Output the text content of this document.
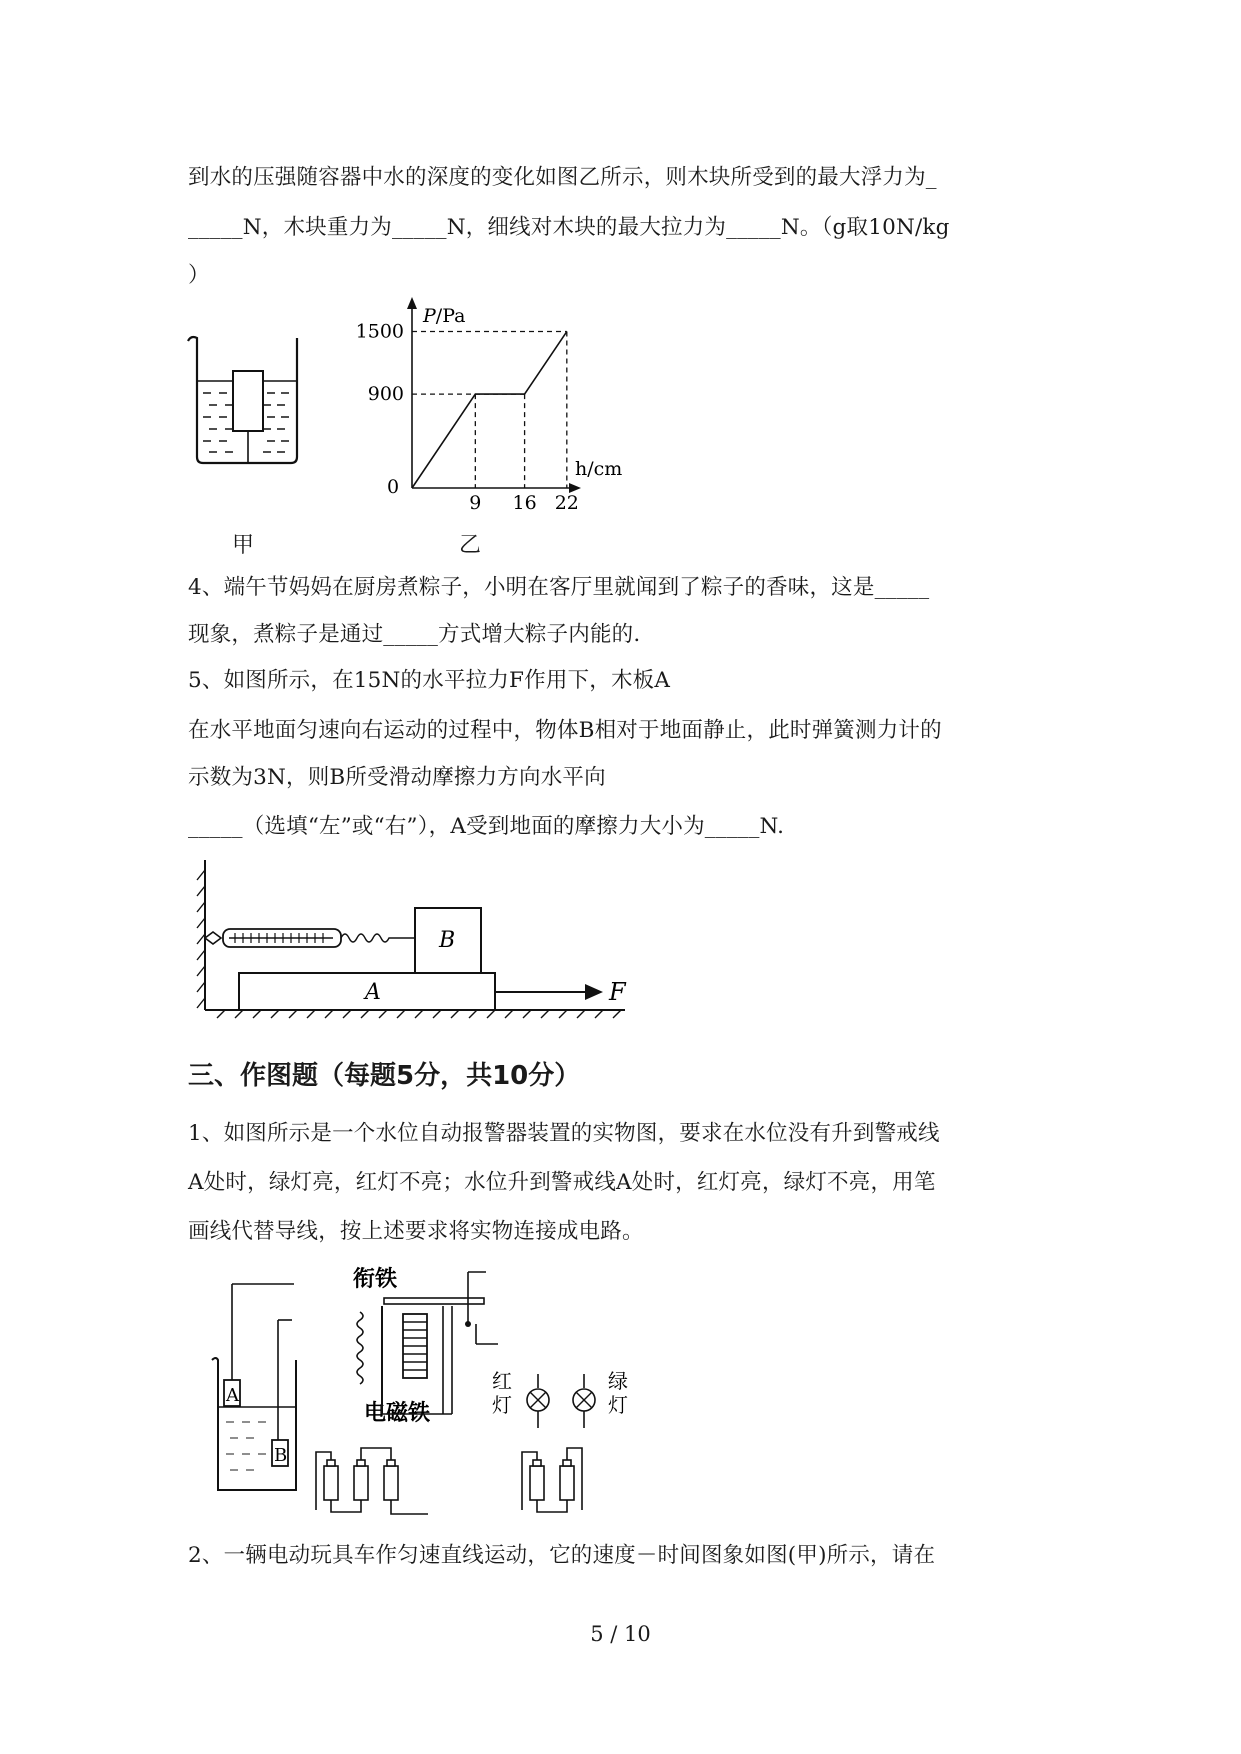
到水的压强随容器中水的深度的变化如图乙所示，则木块所受到的最大浮力为_
_____N，木块重力为_____N，细线对木块的最大拉力为_____N。（g取10N/kg
）
甲
P/Pa
h/cm
0
9 16 22
900
1500
乙
4、端午节妈妈在厨房煮粽子，小明在客厅里就闻到了粽子的香味，这是_____
现象，煮粽子是通过_____方式增大粽子内能的.
5、如图所示，在15N的水平拉力F作用下，木板A
在水平地面匀速向右运动的过程中，物体B相对于地面静止，此时弹簧测力计的
示数为3N，则B所受滑动摩擦力方向水平向
_____（选填“左”或“右”），A受到地面的摩擦力大小为_____N.
A
B
F
三、作图题（每题5分，共10分）
1、如图所示是一个水位自动报警器装置的实物图，要求在水位没有升到警戒线
A处时，绿灯亮，红灯不亮；水位升到警戒线A处时，红灯亮，绿灯不亮，用笔
画线代替导线，按上述要求将实物连接成电路。
A
B
衔铁
电磁铁
红
灯
绿
灯
2、一辆电动玩具车作匀速直线运动，它的速度－时间图象如图(甲)所示，请在
5 / 10
